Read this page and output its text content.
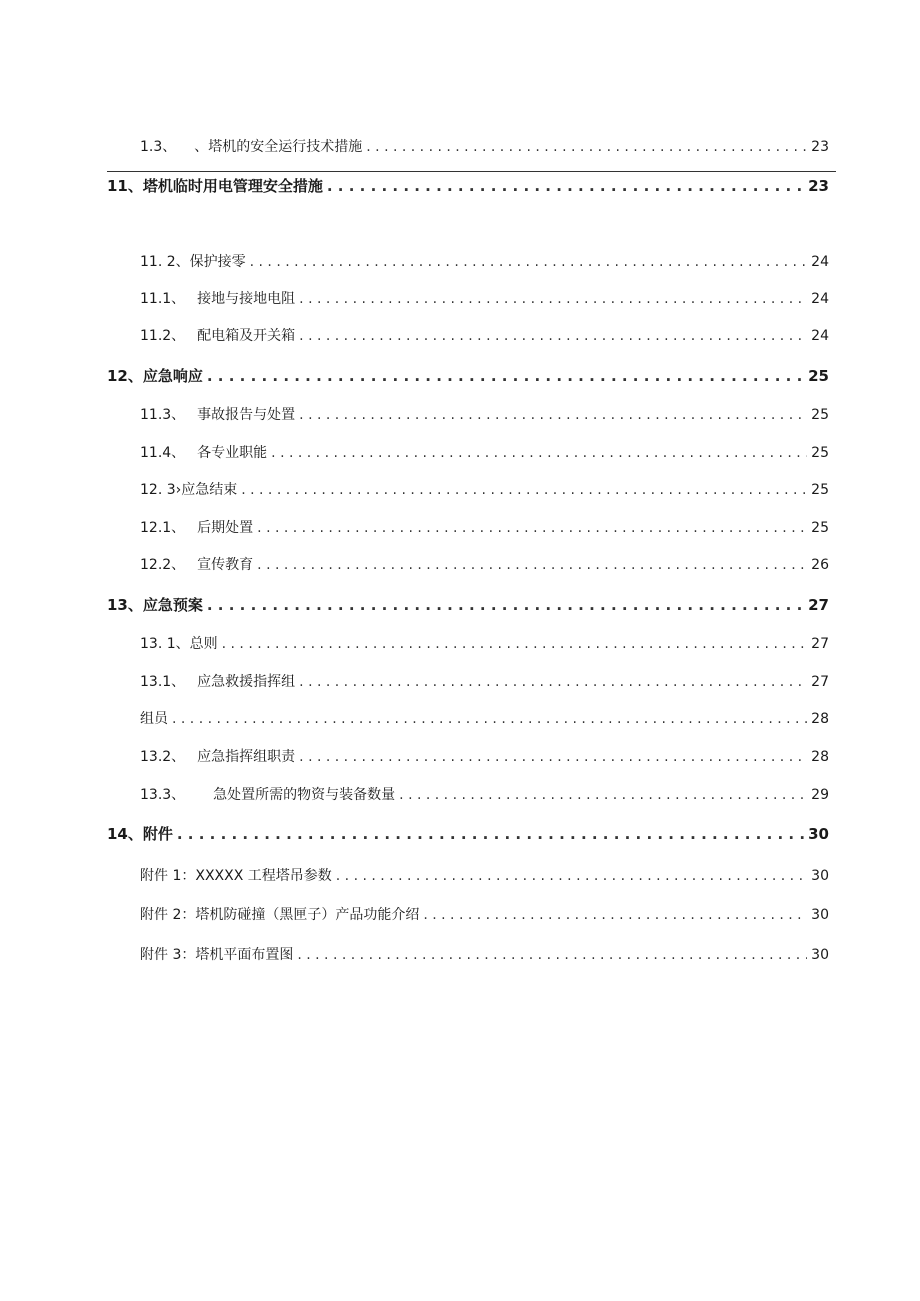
1.3、 、塔机的安全运行技术措施 . . .	23
11、 塔机临时用电管理安全措施 . . .	23
11. 2、 保护接零 . . .	24
11.1、 接地与接地电阻 . . .	24
11.2、 配电箱及开关箱 . . .	24
12、 应急响应 . . .	25
11.3、 事故报告与处置 . . .	25
11.4、 各专业职能 . . .	25
12. 3› 应急结束 . . .	25
12.1、 后期处置 . . .	25
12.2、 宣传教育 . . .	26
13、 应急预案 . . .	27
13. 1、 总则 . . .	27
13.1、 应急救援指挥组 . . .	27
组员 . . .	28
13.2、 应急指挥组职责 . . .	28
13.3、 急处置所需的物资与装备数量 . . .	29
14、 附件 . . .	30
附件 1： XXXXX 工程塔吊参数 . . .	30
附件 2： 塔机防碰撞（黑匣子）产品功能介绍 . . .	30
附件 3： 塔机平面布置图 . . .	30
